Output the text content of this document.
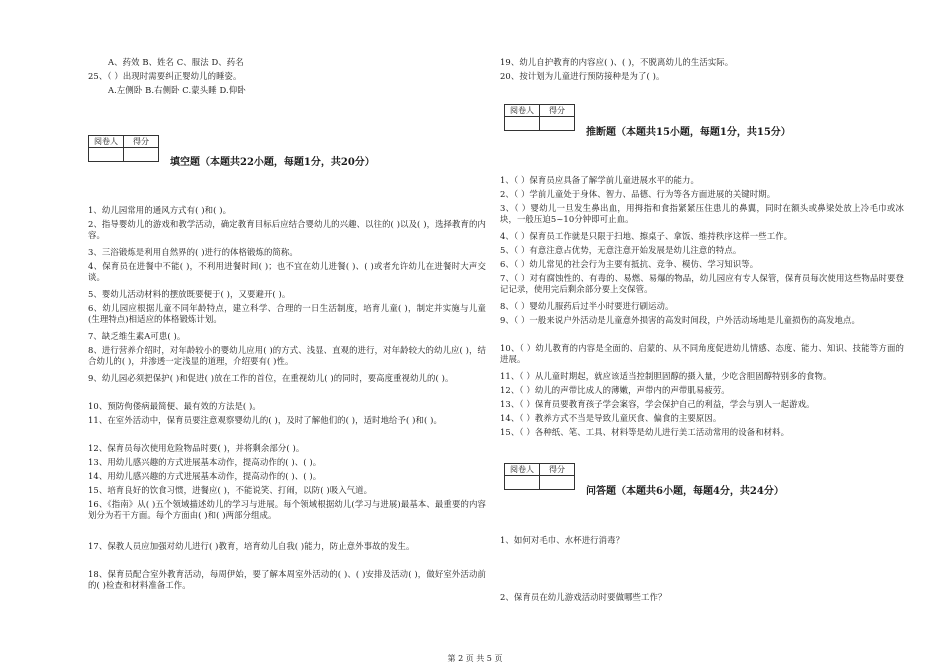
A、药效 B、姓名 C、服法 D、药名
25、（ ）出现时需要纠正婴幼儿的睡姿。
A.左侧卧 B.右侧卧 C.蒙头睡 D.仰卧
阅卷人	得分

填空题（本题共22小题，每题1分，共20分）
1、幼儿园常用的通风方式有( )和( )。
2、指导婴幼儿的游戏和教学活动，确定教育目标后应结合婴幼儿的兴趣、以往的( )以及( )，选择教育的内容。
3、三浴锻炼是利用自然界的( )进行的体格锻炼的简称。
4、保育员在进餐中不能( )，不利用进餐时间( )；也不宜在幼儿进餐( )、( )或者允许幼儿在进餐时大声交谈。
5、婴幼儿活动材料的摆放既要便于( )，又要避开( )。
6、幼儿园应根据儿童不同年龄特点，建立科学、合理的一日生活制度，培育儿童( )，制定并实施与儿童(生理特点)相适应的体格锻炼计划。
7、缺乏维生素A可患( )。
8、进行营养介绍时，对年龄较小的婴幼儿应用( )的方式、浅显、直观的进行，对年龄较大的幼儿应( )，结合幼儿的( )，并渗透一定浅显的道理，介绍要有( )性。
9、幼儿园必须把保护( )和促进( )放在工作的首位，在重视幼儿( )的同时，要高度重视幼儿的( )。
10、预防佝偻病最简便、最有效的方法是( )。
11、在室外活动中，保育员要注意观察婴幼儿的( )，及时了解他们的( )，适时地给予( )和( )。
12、保育员每次使用危险物品时要( )，并将剩余部分( )。
13、用幼儿感兴趣的方式进展基本动作，提高动作的( )、( )。
14、用幼儿感兴趣的方式进展基本动作，提高动作的( )、( )。
15、培育良好的饮食习惯，进餐应( )，不能说笑、打闹，以防( )吸入气道。
16、《指南》从( )五个领域描述幼儿的学习与进展。每个领域根据幼儿(学习与进展)最基本、最重要的内容划分为若干方面。每个方面由( )和( )两部分组成。
17、保教人员应加强对幼儿进行( )教育，培育幼儿自我( )能力，防止意外事故的发生。
18、保育员配合室外教育活动，每周伊始，要了解本周室外活动的( )、( )安排及活动( )，做好室外活动前的( )检查和材料准备工作。
19、幼儿自护教育的内容应( )、( )，不脱离幼儿的生活实际。
20、按计划为儿童进行预防接种是为了( )。
阅卷人	得分

推断题（本题共15小题，每题1分，共15分）
1、（ ）保育员应具备了解学前儿童进展水平的能力。
2、（ ）学前儿童处于身体、智力、品德、行为等各方面进展的关键时期。
3、（ ）婴幼儿一旦发生鼻出血，用拇指和食指紧紧压住患儿的鼻翼，同时在额头或鼻梁处放上冷毛巾或冰块，一般压迫5~10分钟即可止血。
4、（ ）保育员工作就是只限于扫地、擦桌子、拿饭、维持秩序这样一些工作。
5、（ ）有意注意占优势，无意注意开始发展是幼儿注意的特点。
6、（ ）幼儿常见的社会行为主要有抵抗、竞争、模仿、学习知识等。
7、（ ）对有腐蚀性的、有毒的、易燃、易爆的物品，幼儿园应有专人保管，保育员每次使用这些物品时要登记记录，使用完后剩余部分要上交保管。
8、（ ）婴幼儿服药后过半小时要进行刷运动。
9、（ ）一般来说户外活动是儿童意外损害的高发时间段，户外活动场地是儿童损伤的高发地点。
10、（ ）幼儿教育的内容是全面的、启蒙的、从不同角度促进幼儿情感、态度、能力、知识、技能等方面的进展。
11、（ ）从儿童时期起，就应该适当控制胆固醇的摄入量，少吃含胆固醇特别多的食物。
12、（ ）幼儿的声带比成人的薄嫩，声带内的声带肌易疲劳。
13、（ ）保育员要教育孩子学会案容，学会保护自己的利益，学会与别人一起游戏。
14、（ ）教养方式不当是导致儿童厌食、偏食的主要原因。
15、（ ）各种纸、笔、工具、材料等是幼儿进行美工活动常用的设备和材料。
阅卷人	得分

问答题（本题共6小题，每题4分，共24分）
1、如何对毛巾、水杯进行消毒？
2、保育员在幼儿游戏活动时要做哪些工作？
第 2 页 共 5 页
